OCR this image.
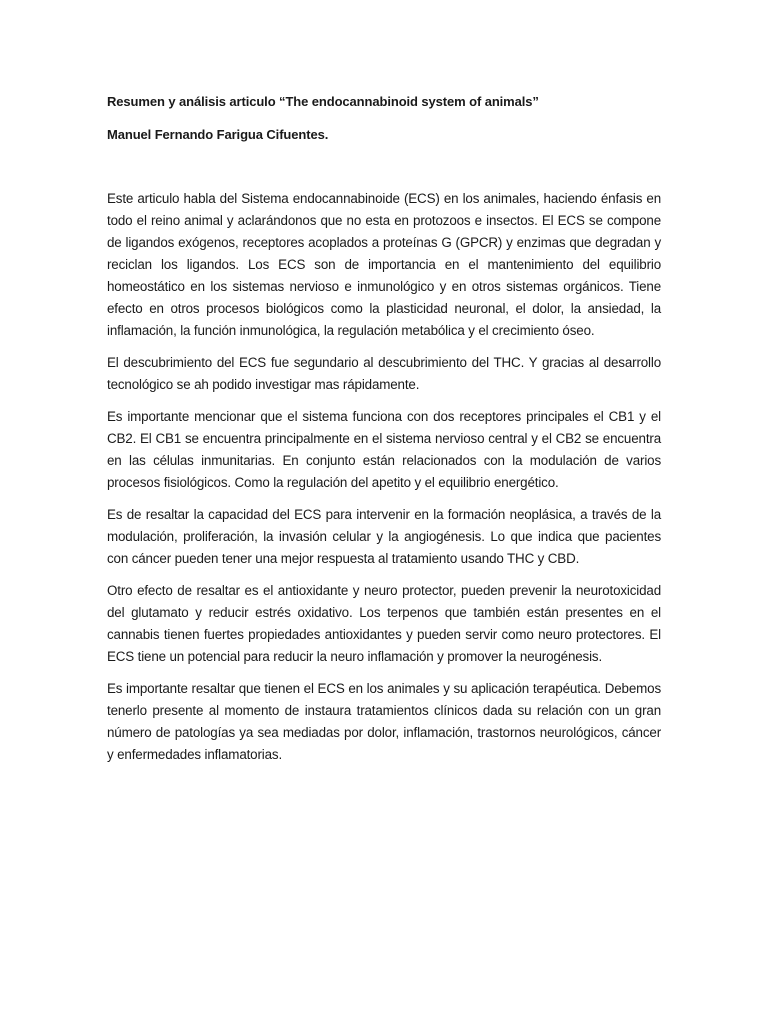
Resumen y análisis articulo “The endocannabinoid system of animals”
Manuel Fernando Farigua Cifuentes.

Este articulo habla del Sistema endocannabinoide (ECS) en los animales, haciendo énfasis en todo el reino animal y aclarándonos que no esta en protozoos e insectos. El ECS se compone de ligandos exógenos, receptores acoplados a proteínas G (GPCR) y enzimas que degradan y reciclan los ligandos. Los ECS son de importancia en el mantenimiento del equilibrio homeostático en los sistemas nervioso e inmunológico y en otros sistemas orgánicos. Tiene efecto en otros procesos biológicos como la plasticidad neuronal, el dolor, la ansiedad, la inflamación, la función inmunológica, la regulación metabólica y el crecimiento óseo.

El descubrimiento del ECS fue segundario al descubrimiento del THC. Y gracias al desarrollo tecnológico se ah podido investigar mas rápidamente.

Es importante mencionar que el sistema funciona con dos receptores principales el CB1 y el CB2. El CB1 se encuentra principalmente en el sistema nervioso central y el CB2 se encuentra en las células inmunitarias. En conjunto están relacionados con la modulación de varios procesos fisiológicos. Como la regulación del apetito y el equilibrio energético.

Es de resaltar la capacidad del ECS para intervenir en la formación neoplásica, a través de la modulación, proliferación, la invasión celular y la angiogénesis. Lo que indica que pacientes con cáncer pueden tener una mejor respuesta al tratamiento usando THC y CBD.

Otro efecto de resaltar es el antioxidante y neuro protector, pueden prevenir la neurotoxicidad del glutamato y reducir estrés oxidativo. Los terpenos que también están presentes en el cannabis tienen fuertes propiedades antioxidantes y pueden servir como neuro protectores. El ECS tiene un potencial para reducir la neuro inflamación y promover la neurogénesis.

Es importante resaltar que tienen el ECS en los animales y su aplicación terapéutica. Debemos tenerlo presente al momento de instaura tratamientos clínicos dada su relación con un gran número de patologías ya sea mediadas por dolor, inflamación, trastornos neurológicos, cáncer y enfermedades inflamatorias.
